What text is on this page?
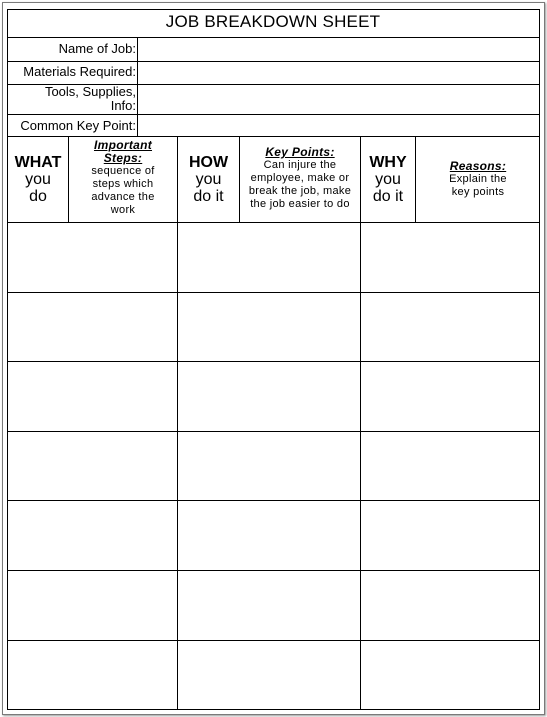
JOB BREAKDOWN SHEET
Name of Job:
Materials Required:
Tools, Supplies,
Info:
Common Key Point:
WHAT
you
do
Important
Steps:
sequence of
steps which
advance the
work
HOW
you
do it
Key Points:
Can injure the
employee, make or
break the job, make
the job easier to do
WHY
you
do it
Reasons:
Explain the
key points
